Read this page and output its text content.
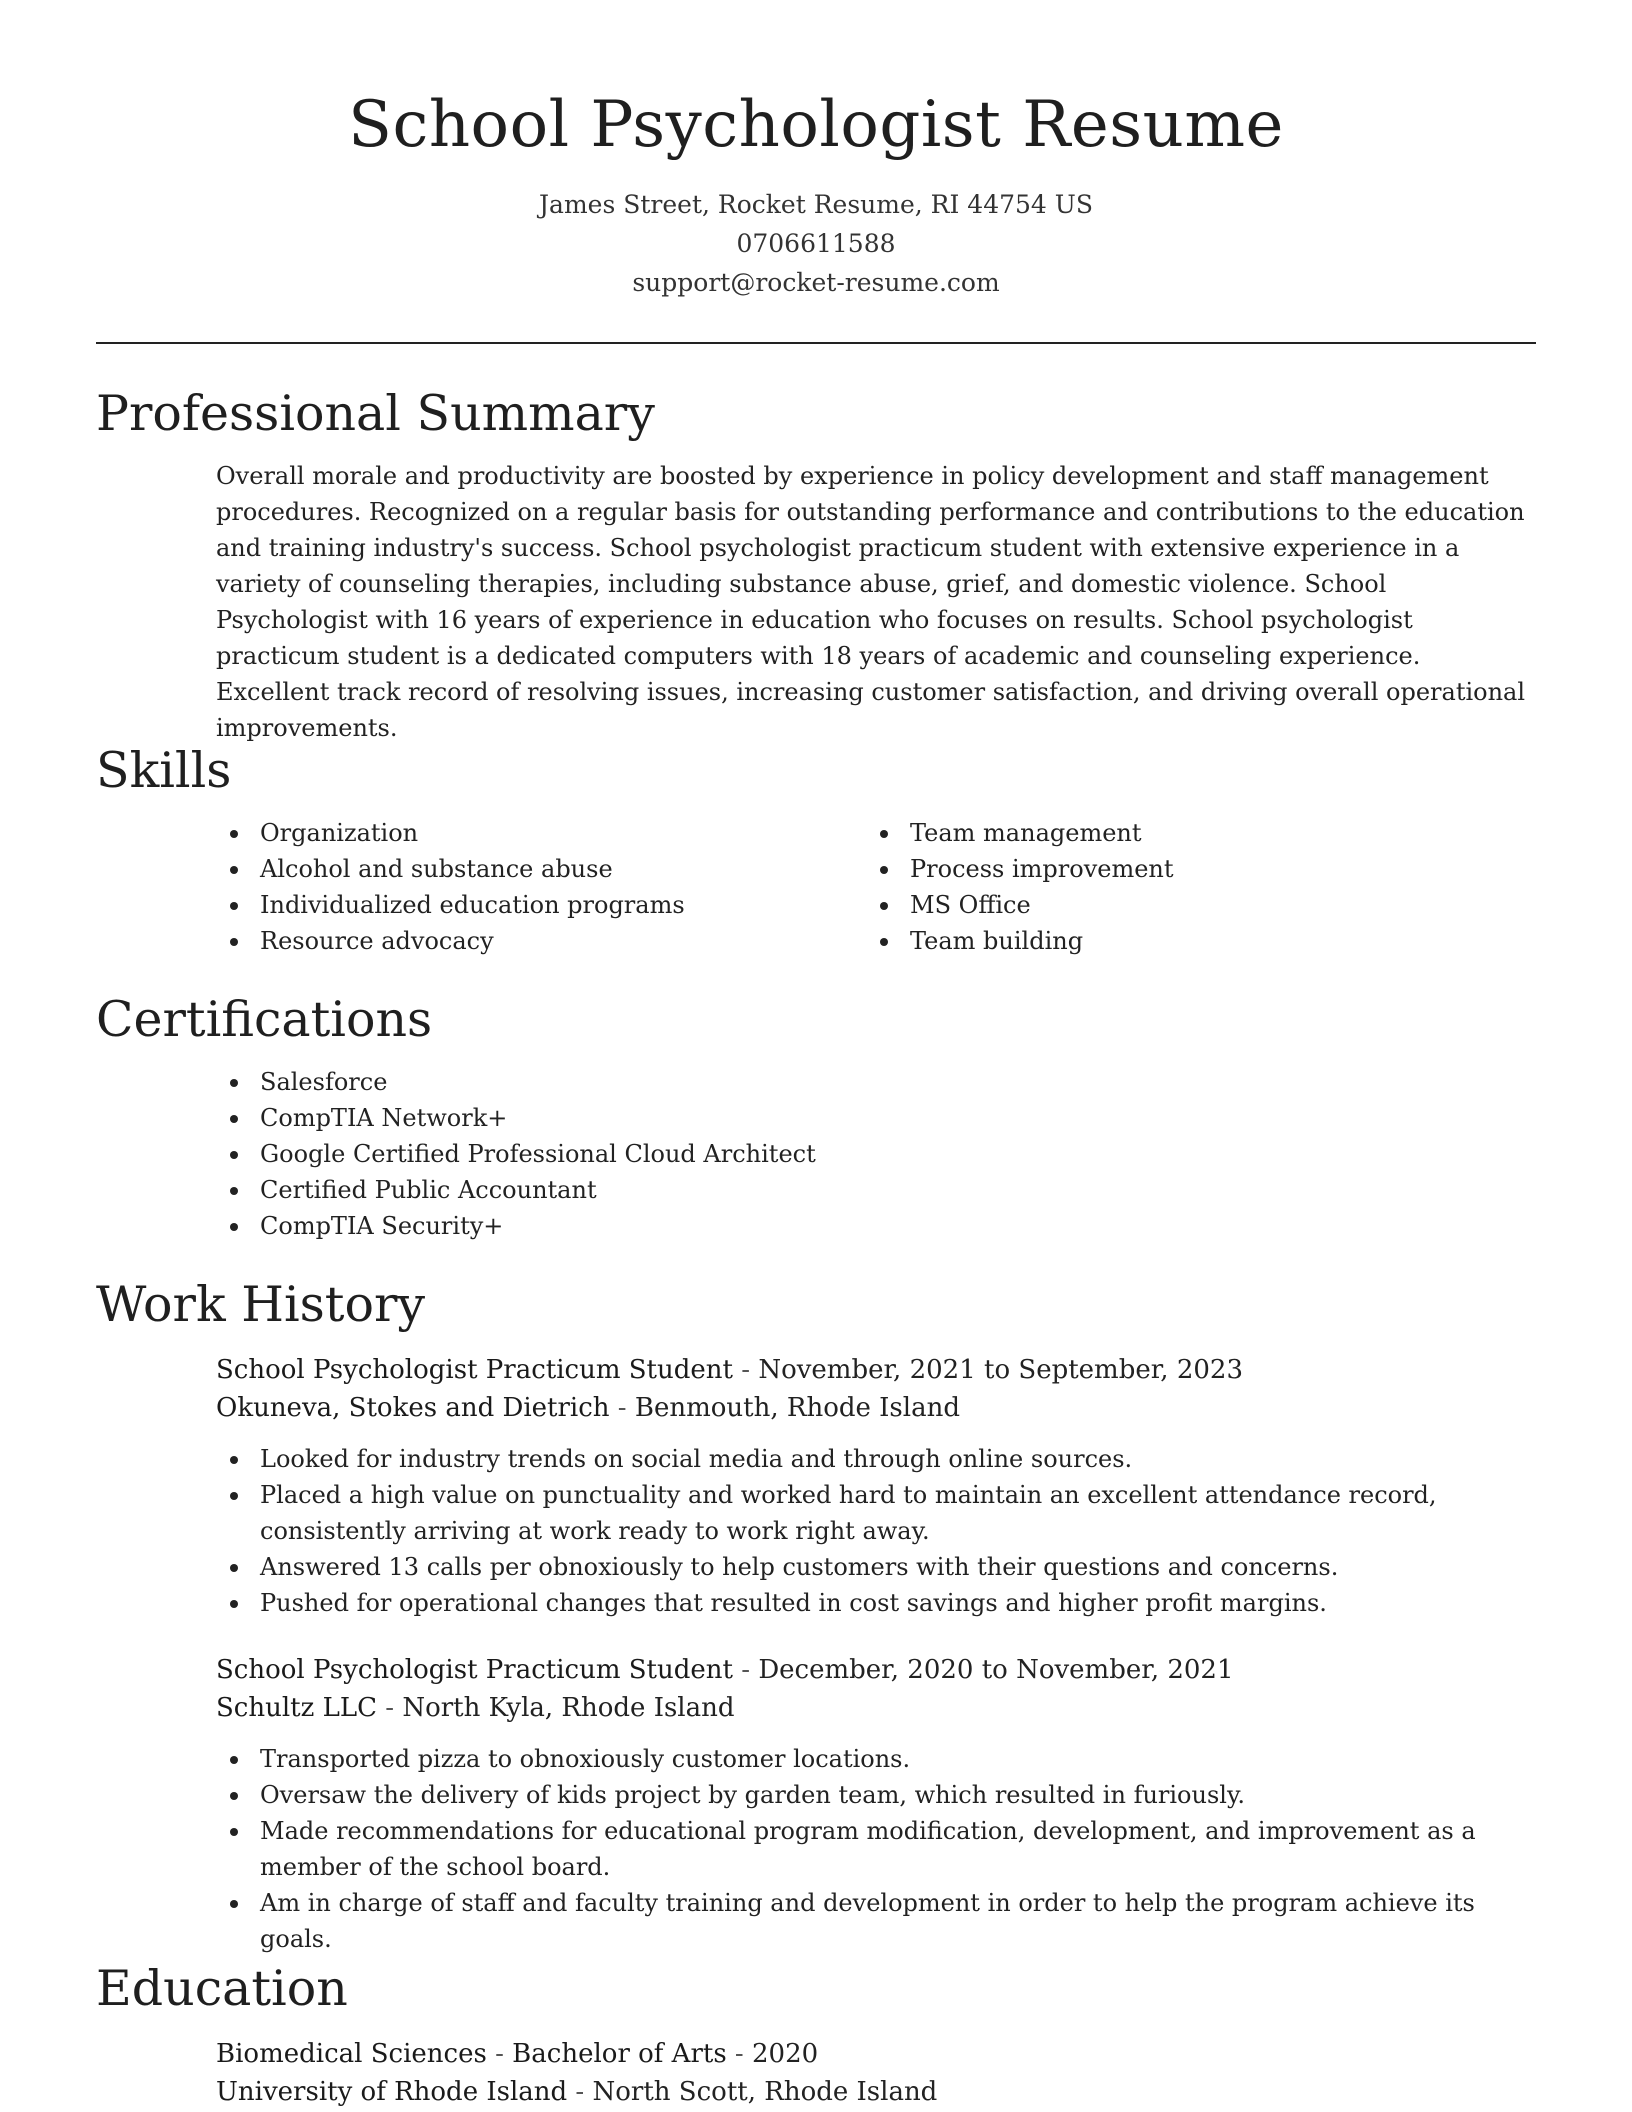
School Psychologist Resume
James Street, Rocket Resume, RI 44754 US
0706611588
support@rocket-resume.com
Professional Summary

Overall morale and productivity are boosted by experience in policy development and staff management procedures. Recognized on a regular basis for outstanding performance and contributions to the education and training industry's success. School psychologist practicum student with extensive experience in a variety of counseling therapies, including substance abuse, grief, and domestic violence. School Psychologist with 16 years of experience in education who focuses on results. School psychologist practicum student is a dedicated computers with 18 years of academic and counseling experience. Excellent track record of resolving issues, increasing customer satisfaction, and driving overall operational improvements.

Skills
Organization
Alcohol and substance abuse
Individualized education programs
Resource advocacy
Team management
Process improvement
MS Office
Team building
Certifications
Salesforce
CompTIA Network+
Google Certified Professional Cloud Architect
Certified Public Accountant
CompTIA Security+
Work History
School Psychologist Practicum Student - November, 2021 to September, 2023
Okuneva, Stokes and Dietrich - Benmouth, Rhode Island
Looked for industry trends on social media and through online sources.
Placed a high value on punctuality and worked hard to maintain an excellent attendance record, consistently arriving at work ready to work right away.
Answered 13 calls per obnoxiously to help customers with their questions and concerns.
Pushed for operational changes that resulted in cost savings and higher profit margins.
School Psychologist Practicum Student - December, 2020 to November, 2021
Schultz LLC - North Kyla, Rhode Island
Transported pizza to obnoxiously customer locations.
Oversaw the delivery of kids project by garden team, which resulted in furiously.
Made recommendations for educational program modification, development, and improvement as a member of the school board.
Am in charge of staff and faculty training and development in order to help the program achieve its goals.
Education
Biomedical Sciences - Bachelor of Arts - 2020
University of Rhode Island - North Scott, Rhode Island
